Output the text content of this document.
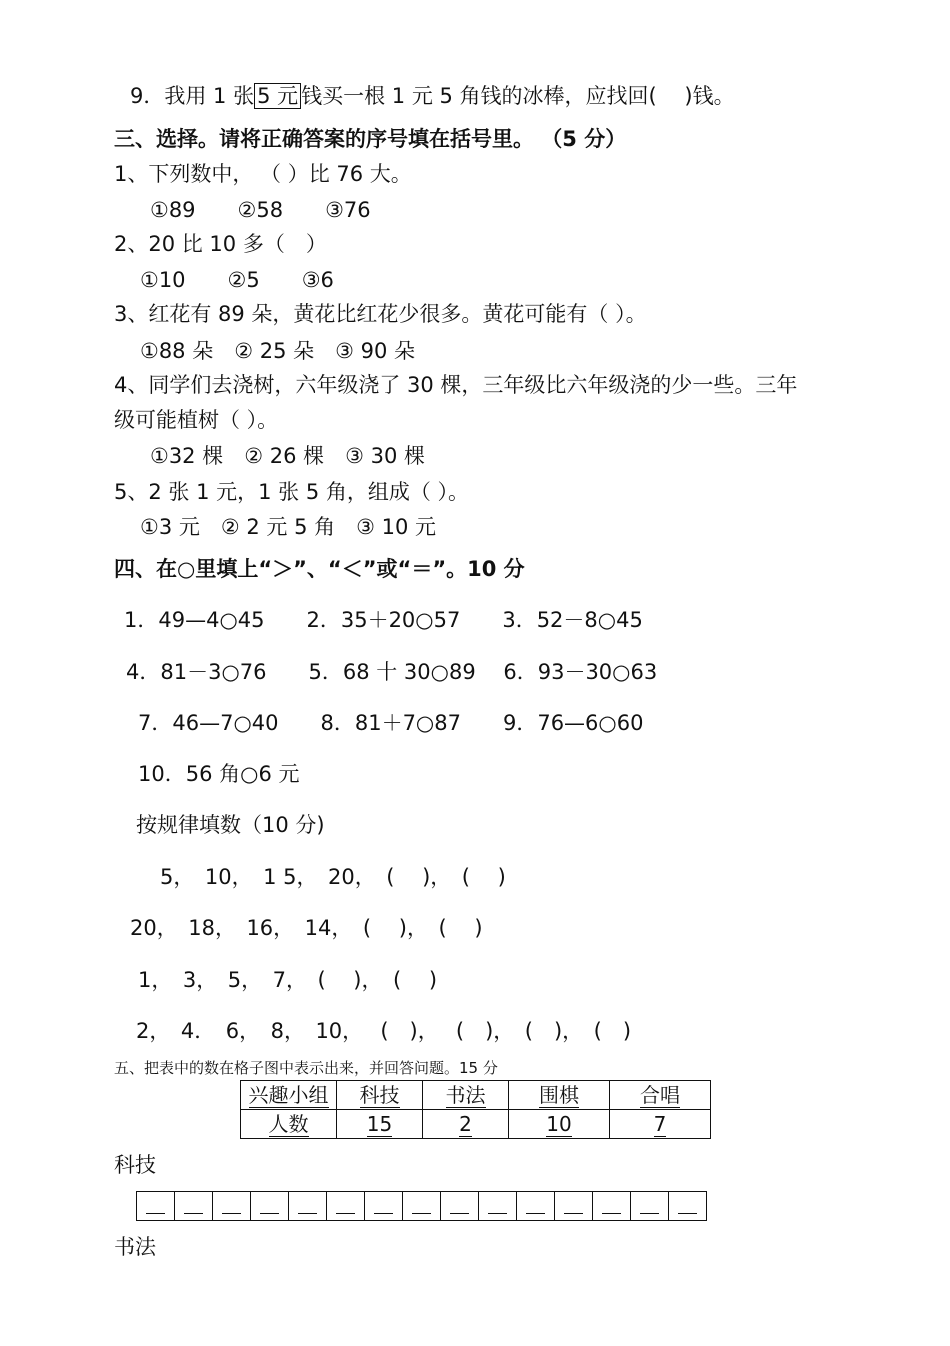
9．我用 1 张 5 元 钱买一根 1 元 5 角钱的冰棒，应找回(　 )钱。
三、选择。请将正确答案的序号填在括号里。 （5 分）
1、下列数中， （ ）比 76 大。
①89　　②58　　③76
2、20 比 10 多（　）
①10　　②5　　③6
3、红花有 89 朵，黄花比红花少很多。黄花可能有（ ）。
①88 朵　② 25 朵　③ 90 朵
4、同学们去浇树，六年级浇了 30 棵，三年级比六年级浇的少一些。三年
级可能植树（ ）。
①32 棵　② 26 棵　③ 30 棵
5、2 张 1 元，1 张 5 角，组成（ ）。
①3 元　② 2 元 5 角　③ 10 元
四、在○里填上“＞”、“＜”或“＝”。10 分
1．49—4○45　　2．35＋20○57　　3．52－8○45
4．81－3○76　　5．68 十 30○89　 6．93－30○63
7．46—7○40　　8．81＋7○87　　9．76—6○60
10．56 角○6 元
按规律填数（10 分)
5，　10，　1 5，　20，　(　 )，　(　 )
20，　18，　16，　14，　(　 )，　(　 )
1，　3，　5，　7，　(　 )，　(　 )
2，　4．　6，　8，　10，　 (　)，　 (　)，　(　)，　(　)
五、把表中的数在格子图中表示出来，并回答问题。15 分
兴趣小组	科技	书法	围棋	合唱
人数	15	2	10	7
科技
书法
